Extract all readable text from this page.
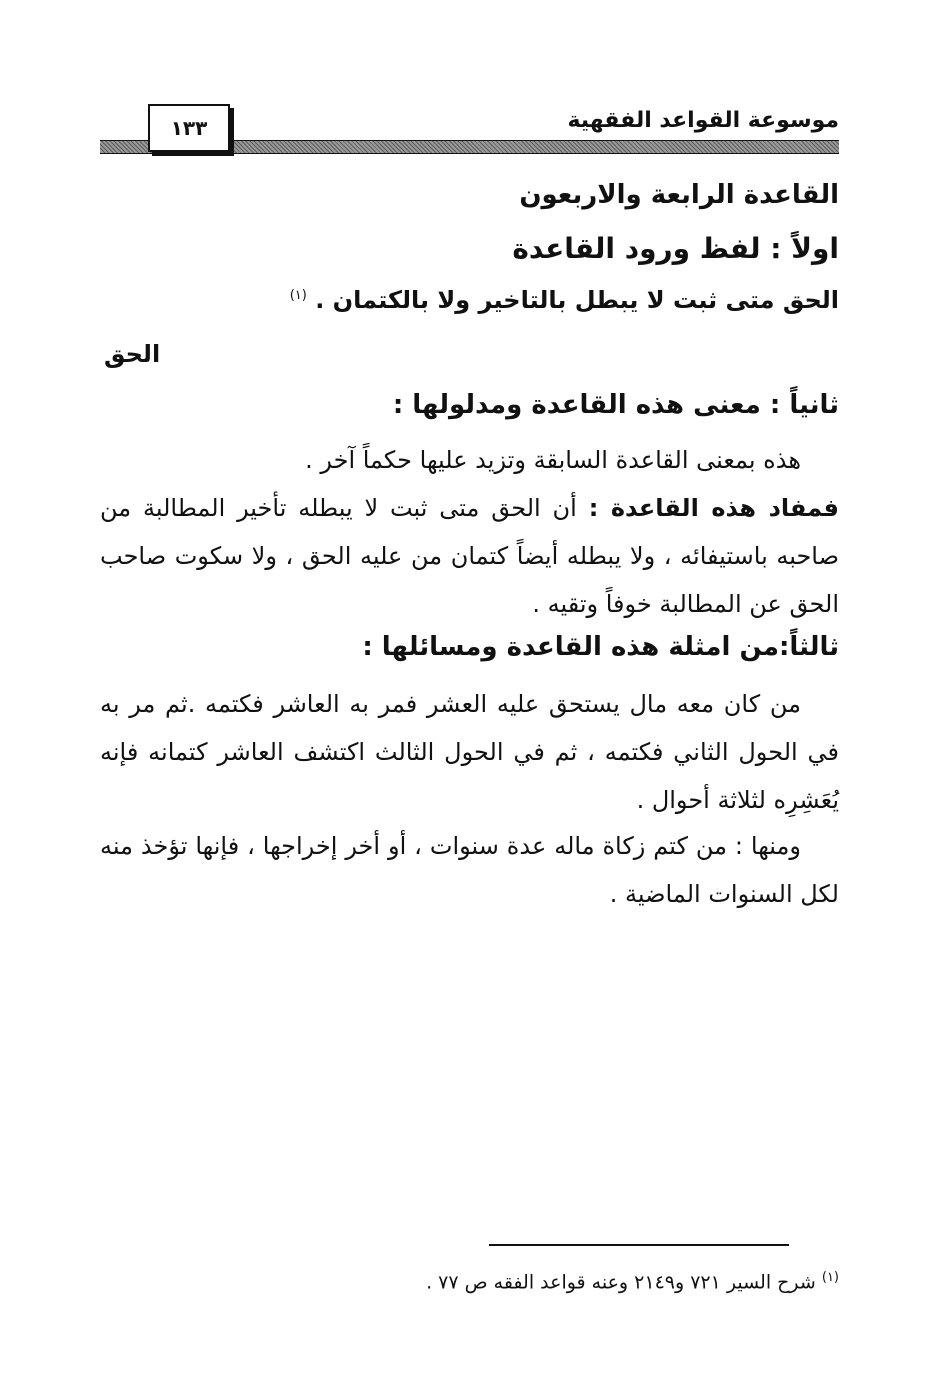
موسوعة القواعد الفقهية
١٣٣
القاعدة الرابعة والاربعون
اولاً : لفظ ورود القاعدة
الحق متى ثبت لا يبطل بالتاخير ولا بالكتمان . $^{(١)}$
الحق
ثانياً : معنى هذه القاعدة ومدلولها :
هذه بمعنى القاعدة السابقة وتزيد عليها حكماً آخر .
فمفاد هذه القاعدة : أن الحق متى ثبت لا يبطله تأخير المطالبة من صاحبه باستيفائه ، ولا يبطله أيضاً كتمان من عليه الحق ، ولا سكوت صاحب الحق عن المطالبة خوفاً وتقيه .
ثالثاً:من امثلة هذه القاعدة ومسائلها :
من كان معه مال يستحق عليه العشر فمر به العاشر فكتمه .ثم مر به في الحول الثاني فكتمه ، ثم في الحول الثالث اكتشف العاشر كتمانه فإنه يُعَشِرِه لثلاثة أحوال .
ومنها : من كتم زكاة ماله عدة سنوات ، أو أخر إخراجها ، فإنها تؤخذ منه لكل السنوات الماضية .
$^{(١)}$ شرح السير ٧٢١ و٢١٤٩ وعنه قواعد الفقه ص ٧٧ .
